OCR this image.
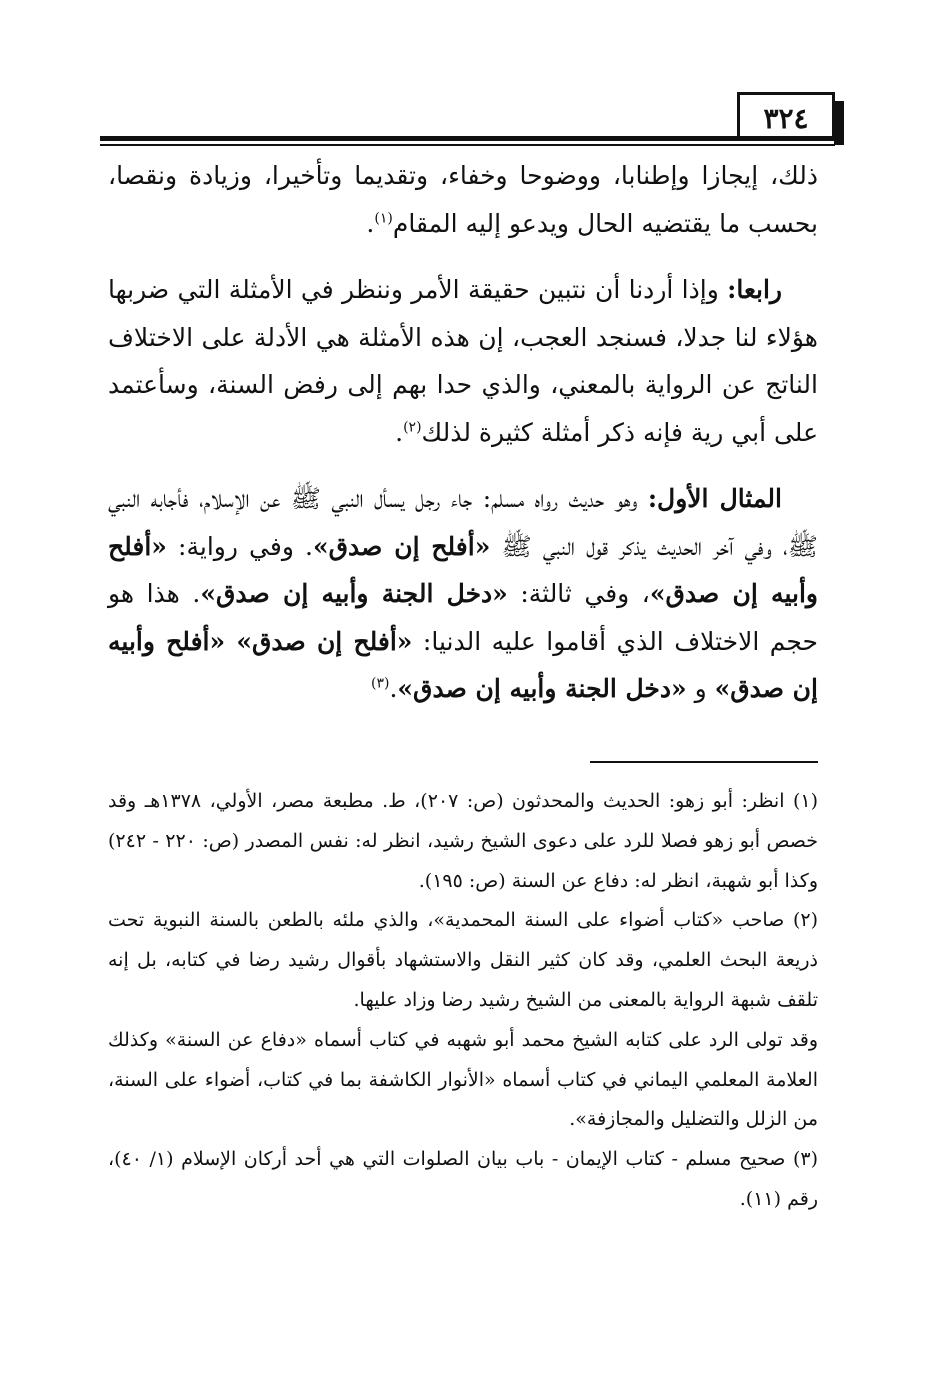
٣٢٤

ذلك، إيجازا وإطنابا، ووضوحا وخفاء، وتقديما وتأخيرا، وزيادة ونقصا، بحسب ما يقتضيه الحال ويدعو إليه المقام$^{(١)}$.

رابعا: وإذا أردنا أن نتبين حقيقة الأمر وننظر في الأمثلة التي ضربها هؤلاء لنا جدلا، فسنجد العجب، إن هذه الأمثلة هي الأدلة على الاختلاف الناتج عن الرواية بالمعني، والذي حدا بهم إلى رفض السنة، وسأعتمد على أبي رية فإنه ذكر أمثلة كثيرة لذلك$^{(٢)}$.

المثال الأول: وهو حديث رواه مسلم: جاء رجل يسأل النبي ﷺ عن الإسلام، فأجابه النبي ﷺ، وفي آخر الحديث يذكر قول النبي ﷺ «أفلح إن صدق». وفي رواية: «أفلح وأبيه إن صدق»، وفي ثالثة: «دخل الجنة وأبيه إن صدق». هذا هو حجم الاختلاف الذي أقاموا عليه الدنيا: «أفلح إن صدق» «أفلح وأبيه إن صدق» و «دخل الجنة وأبيه إن صدق».$^{(٣)}$

(١) انظر: أبو زهو: الحديث والمحدثون (ص: ٢٠٧)، ط. مطبعة مصر، الأولي، ١٣٧٨هـ وقد خصص أبو زهو فصلا للرد على دعوى الشيخ رشيد، انظر له: نفس المصدر (ص: ٢٢٠ - ٢٤٢) وكذا أبو شهبة، انظر له: دفاع عن السنة (ص: ١٩٥).

(٢) صاحب «كتاب أضواء على السنة المحمدية»، والذي ملئه بالطعن بالسنة النبوية تحت ذريعة البحث العلمي، وقد كان كثير النقل والاستشهاد بأقوال رشيد رضا في كتابه، بل إنه تلقف شبهة الرواية بالمعنى من الشيخ رشيد رضا وزاد عليها.

وقد تولى الرد على كتابه الشيخ محمد أبو شهبه في كتاب أسماه «دفاع عن السنة» وكذلك العلامة المعلمي اليماني في كتاب أسماه «الأنوار الكاشفة بما في كتاب، أضواء على السنة، من الزلل والتضليل والمجازفة».

(٣) صحيح مسلم - كتاب الإيمان - باب بيان الصلوات التي هي أحد أركان الإسلام (١/ ٤٠)، رقم (١١).
